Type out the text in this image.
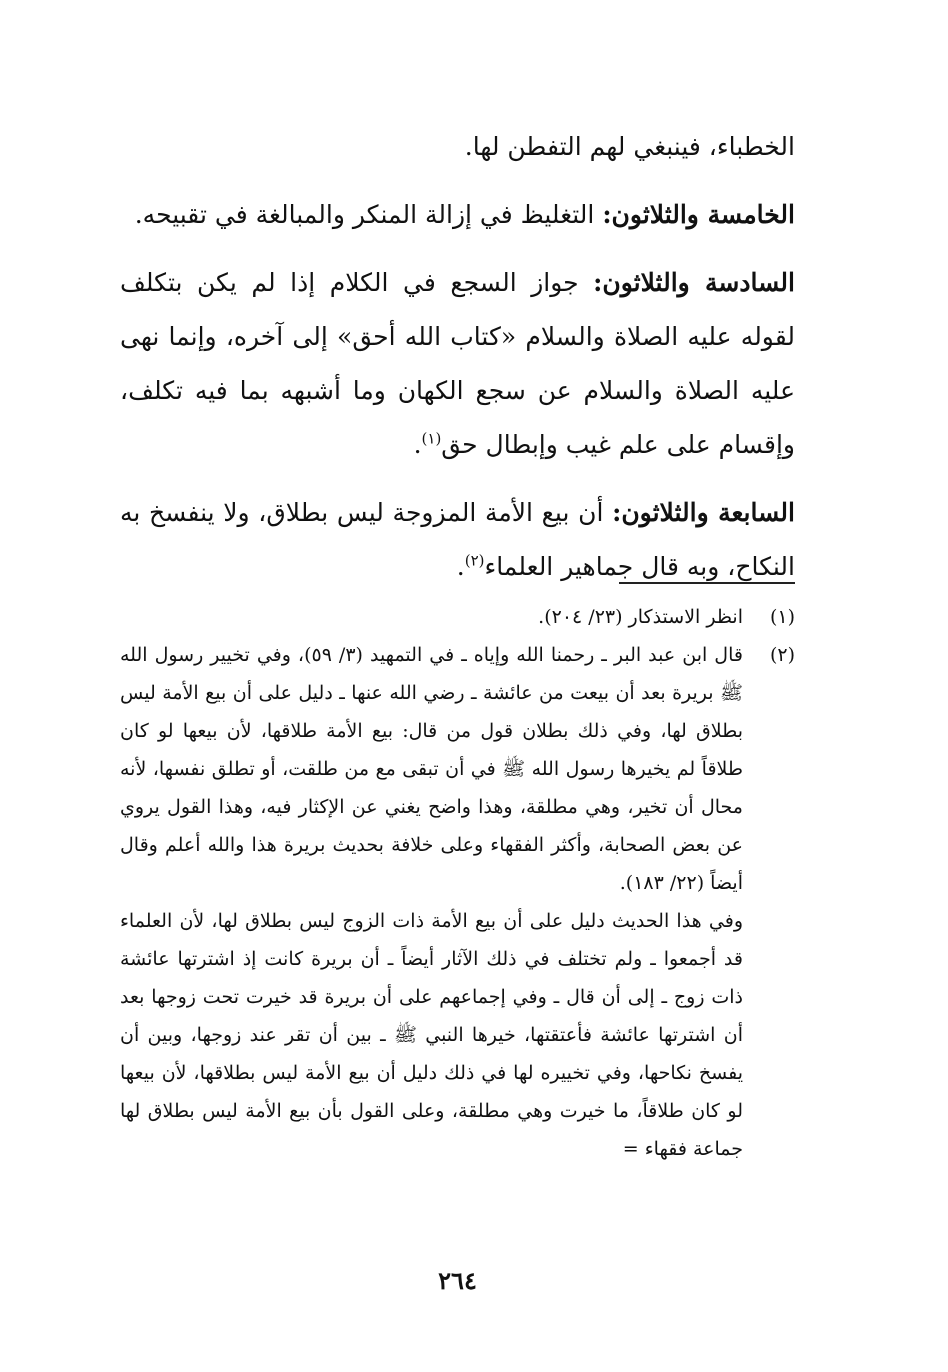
الخطباء، فينبغي لهم التفطن لها.

الخامسة والثلاثون: التغليظ في إزالة المنكر والمبالغة في تقبيحه.

السادسة والثلاثون: جواز السجع في الكلام إذا لم يكن بتكلف لقوله عليه الصلاة والسلام «كتاب الله أحق» إلى آخره، وإنما نهى عليه الصلاة والسلام عن سجع الكهان وما أشبهه بما فيه تكلف، وإقسام على علم غيب وإبطال حق$^{(١)}$.

السابعة والثلاثون: أن بيع الأمة المزوجة ليس بطلاق، ولا ينفسخ به النكاح، وبه قال جماهير العلماء$^{(٢)}$.

(١)

انظر الاستذكار (٢٣/ ٢٠٤).

(٢)

قال ابن عبد البر ـ رحمنا الله وإياه ـ في التمهيد (٣/ ٥٩)، وفي تخيير رسول الله ﷺ بريرة بعد أن بيعت من عائشة ـ رضي الله عنها ـ دليل على أن بيع الأمة ليس بطلاق لها، وفي ذلك بطلان قول من قال: بيع الأمة طلاقها، لأن بيعها لو كان طلاقاً لم يخيرها رسول الله ﷺ في أن تبقى مع من طلقت، أو تطلق نفسها، لأنه محال أن تخير، وهي مطلقة، وهذا واضح يغني عن الإكثار فيه، وهذا القول يروي عن بعض الصحابة، وأكثر الفقهاء وعلى خلافة بحديث بريرة هذا والله أعلم وقال أيضاً (٢٢/ ١٨٣).

وفي هذا الحديث دليل على أن بيع الأمة ذات الزوج ليس بطلاق لها، لأن العلماء قد أجمعوا ـ ولم تختلف في ذلك الآثار أيضاً ـ أن بريرة كانت إذ اشترتها عائشة ذات زوج ـ إلى أن قال ـ وفي إجماعهم على أن بريرة قد خيرت تحت زوجها بعد أن اشترتها عائشة فأعتقتها، خيرها النبي ﷺ ـ بين أن تقر عند زوجها، وبين أن يفسخ نكاحها، وفي تخييره لها في ذلك دليل أن بيع الأمة ليس بطلاقها، لأن بيعها لو كان طلاقاً، ما خيرت وهي مطلقة، وعلى القول بأن بيع الأمة ليس بطلاق لها جماعة فقهاء =

٢٦٤
